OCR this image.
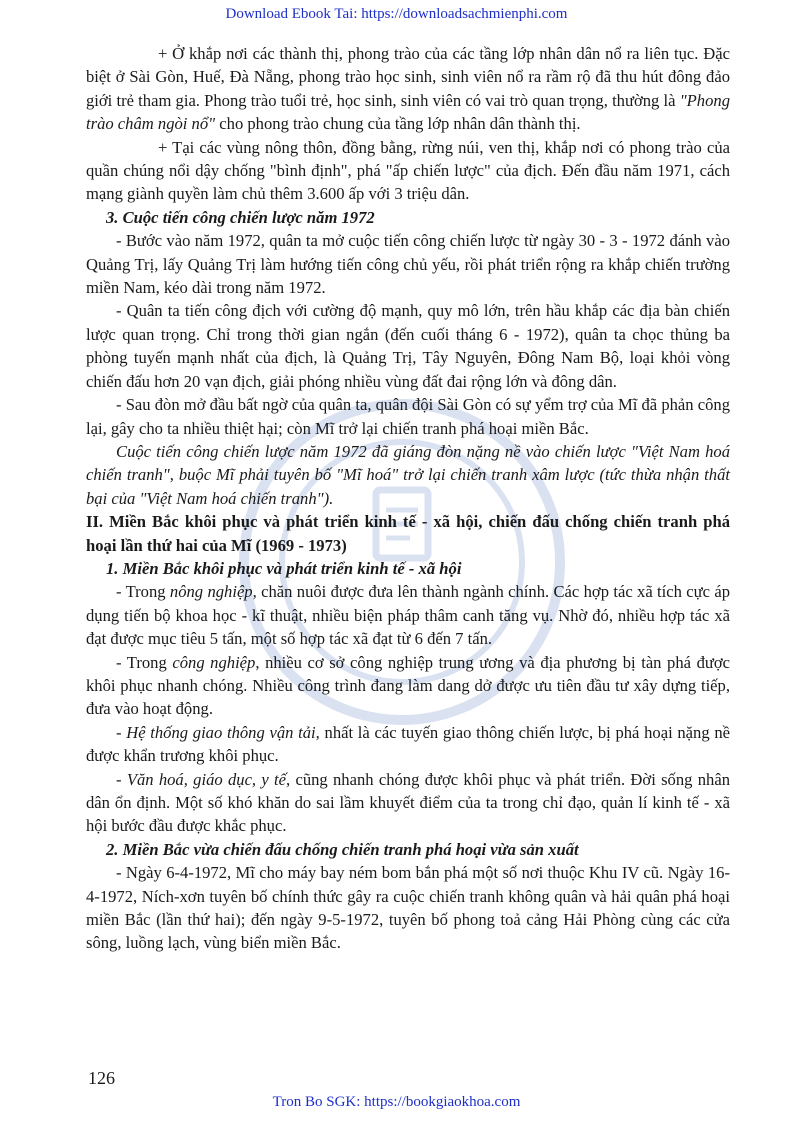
Download Ebook Tai: https://downloadsachmienphi.com

+ Ở khắp nơi các thành thị, phong trào của các tầng lớp nhân dân nổ ra liên tục. Đặc biệt ở Sài Gòn, Huế, Đà Nẵng, phong trào học sinh, sinh viên nổ ra rầm rộ đã thu hút đông đảo giới trẻ tham gia. Phong trào tuổi trẻ, học sinh, sinh viên có vai trò quan trọng, thường là "Phong trào châm ngòi nổ" cho phong trào chung của tầng lớp nhân dân thành thị.

+ Tại các vùng nông thôn, đồng bằng, rừng núi, ven thị, khắp nơi có phong trào của quần chúng nổi dậy chống "bình định", phá "ấp chiến lược" của địch. Đến đầu năm 1971, cách mạng giành quyền làm chủ thêm 3.600 ấp với 3 triệu dân.

3. Cuộc tiến công chiến lược năm 1972

- Bước vào năm 1972, quân ta mở cuộc tiến công chiến lược từ ngày 30 - 3 - 1972 đánh vào Quảng Trị, lấy Quảng Trị làm hướng tiến công chủ yếu, rồi phát triển rộng ra khắp chiến trường miền Nam, kéo dài trong năm 1972.

- Quân ta tiến công địch với cường độ mạnh, quy mô lớn, trên hầu khắp các địa bàn chiến lược quan trọng. Chỉ trong thời gian ngắn (đến cuối tháng 6 - 1972), quân ta chọc thủng ba phòng tuyến mạnh nhất của địch, là Quảng Trị, Tây Nguyên, Đông Nam Bộ, loại khỏi vòng chiến đấu hơn 20 vạn địch, giải phóng nhiều vùng đất đai rộng lớn và đông dân.

- Sau đòn mở đầu bất ngờ của quân ta, quân đội Sài Gòn có sự yểm trợ của Mĩ đã phản công lại, gây cho ta nhiều thiệt hại; còn Mĩ trở lại chiến tranh phá hoại miền Bắc.

Cuộc tiến công chiến lược năm 1972 đã giáng đòn nặng nề vào chiến lược "Việt Nam hoá chiến tranh", buộc Mĩ phải tuyên bố "Mĩ hoá" trở lại chiến tranh xâm lược (tức thừa nhận thất bại của "Việt Nam hoá chiến tranh").

II. Miền Bắc khôi phục và phát triển kinh tế - xã hội, chiến đấu chống chiến tranh phá hoại lần thứ hai của Mĩ (1969 - 1973)

1. Miền Bắc khôi phục và phát triển kinh tế - xã hội

- Trong nông nghiệp, chăn nuôi được đưa lên thành ngành chính. Các hợp tác xã tích cực áp dụng tiến bộ khoa học - kĩ thuật, nhiều biện pháp thâm canh tăng vụ. Nhờ đó, nhiều hợp tác xã đạt được mục tiêu 5 tấn, một số hợp tác xã đạt từ 6 đến 7 tấn.

- Trong công nghiệp, nhiều cơ sở công nghiệp trung ương và địa phương bị tàn phá được khôi phục nhanh chóng. Nhiều công trình đang làm dang dở được ưu tiên đầu tư xây dựng tiếp, đưa vào hoạt động.

- Hệ thống giao thông vận tải, nhất là các tuyến giao thông chiến lược, bị phá hoại nặng nề được khẩn trương khôi phục.

- Văn hoá, giáo dục, y tế, cũng nhanh chóng được khôi phục và phát triển. Đời sống nhân dân ổn định. Một số khó khăn do sai lầm khuyết điểm của ta trong chỉ đạo, quản lí kinh tế - xã hội bước đầu được khắc phục.

2. Miền Bắc vừa chiến đấu chống chiến tranh phá hoại vừa sản xuất

- Ngày 6-4-1972, Mĩ cho máy bay ném bom bắn phá một số nơi thuộc Khu IV cũ. Ngày 16-4-1972, Ních-xơn tuyên bố chính thức gây ra cuộc chiến tranh không quân và hải quân phá hoại miền Bắc (lần thứ hai); đến ngày 9-5-1972, tuyên bố phong toả cảng Hải Phòng cùng các cửa sông, luồng lạch, vùng biển miền Bắc.

126
Tron Bo SGK: https://bookgiaokhoa.com
